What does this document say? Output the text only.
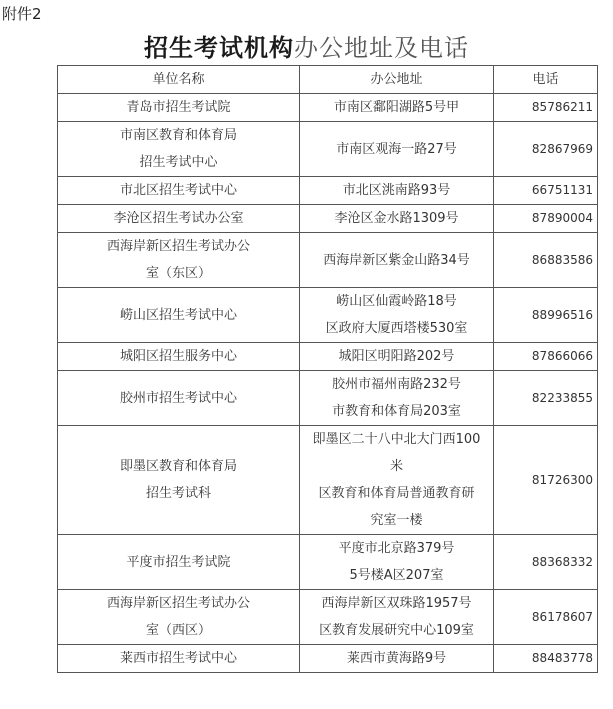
附件2
招生考试机构办公地址及电话
单位名称	办公地址	电话

青岛市招生考试院	市南区鄱阳湖路5号甲	85786211

市南区教育和体育局
招生考试中心	市南区观海一路27号	82867969

市北区招生考试中心	市北区洮南路93号	66751131

李沧区招生考试办公室	李沧区金水路1309号	87890004

西海岸新区招生考试办公
室（东区）	西海岸新区紫金山路34号	86883586

崂山区招生考试中心	崂山区仙霞岭路18号
区政府大厦西塔楼530室	88996516

城阳区招生服务中心	城阳区明阳路202号	87866066

胶州市招生考试中心	胶州市福州南路232号
市教育和体育局203室	82233855

即墨区教育和体育局
招生考试科	即墨区二十八中北大门西100
米
区教育和体育局普通教育研
究室一楼	81726300

平度市招生考试院	平度市北京路379号
5号楼A区207室	88368332

西海岸新区招生考试办公
室（西区）	西海岸新区双珠路1957号
区教育发展研究中心109室	86178607

莱西市招生考试中心	莱西市黄海路9号	88483778
